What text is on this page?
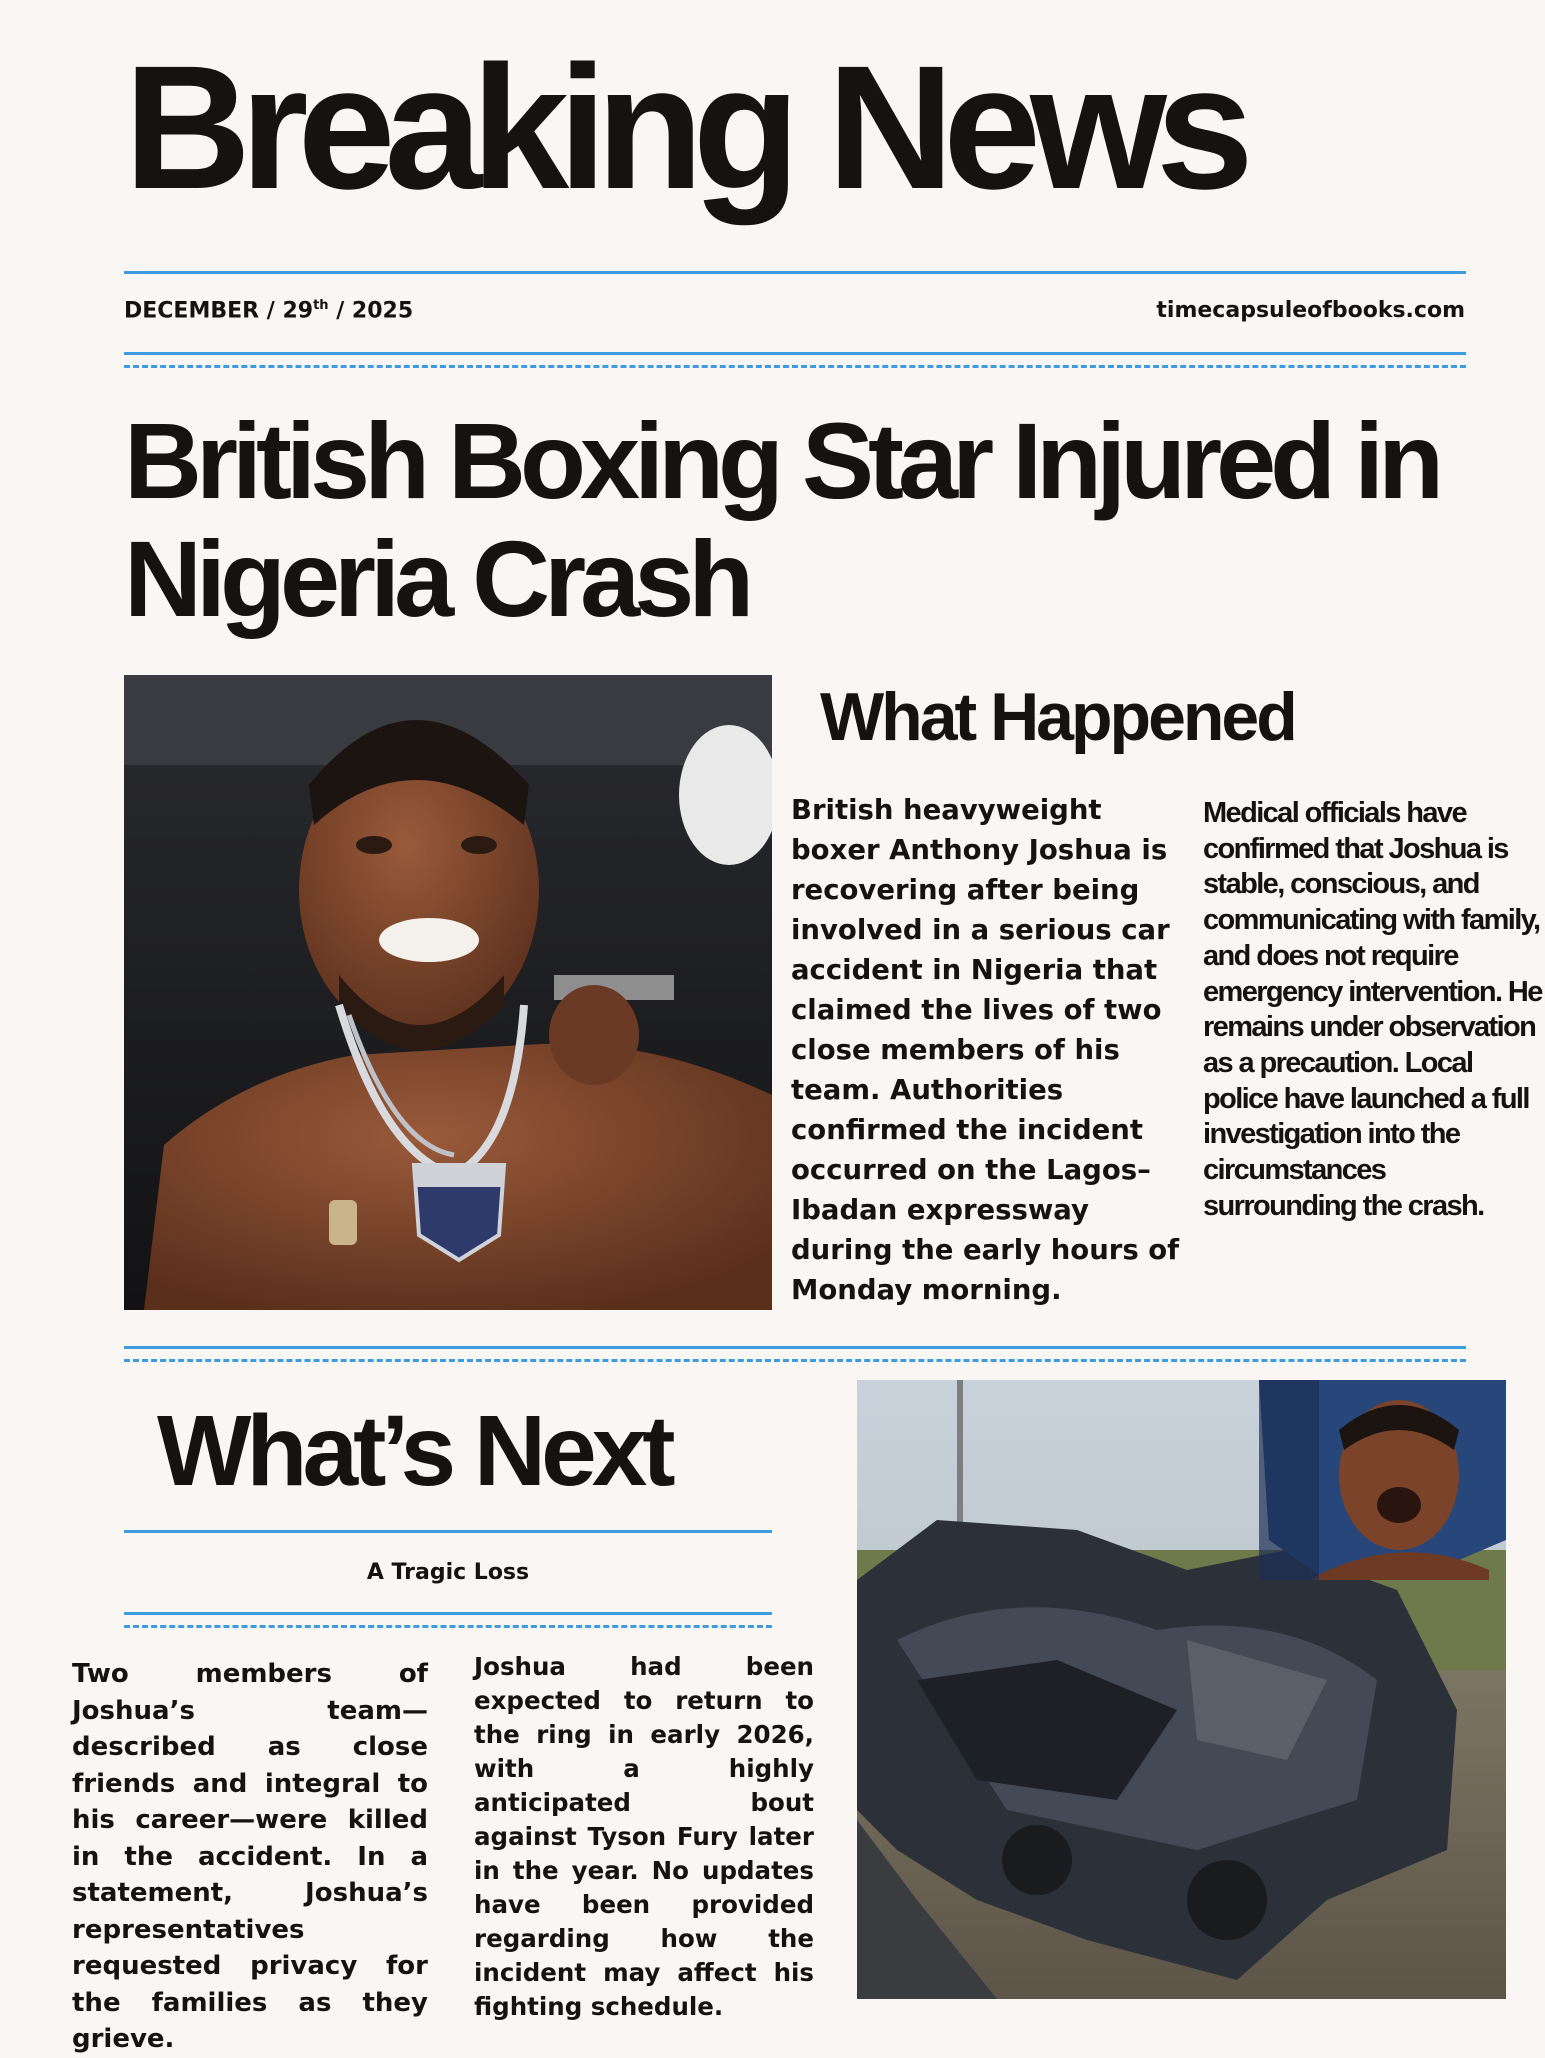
Breaking News
DECEMBER / 29th / 2025	timecapsuleofbooks.com
British Boxing Star Injured in Nigeria Crash
What Happened
British heavyweight boxer Anthony Joshua is recovering after being involved in a serious car accident in Nigeria that claimed the lives of two close members of his team. Authorities confirmed the incident occurred on the Lagos–Ibadan expressway during the early hours of Monday morning.
Medical officials have confirmed that Joshua is stable, conscious, and communicating with family, and does not require emergency intervention. He remains under observation as a precaution. Local police have launched a full investigation into the circumstances surrounding the crash.
What’s Next
A Tragic Loss
Two members of Joshua’s team—described as close friends and integral to his career—were killed in the accident. In a statement, Joshua’s representatives requested privacy for the families as they grieve.
Joshua had been expected to return to the ring in early 2026, with a highly anticipated bout against Tyson Fury later in the year. No updates have been provided regarding how the incident may affect his fighting schedule.
